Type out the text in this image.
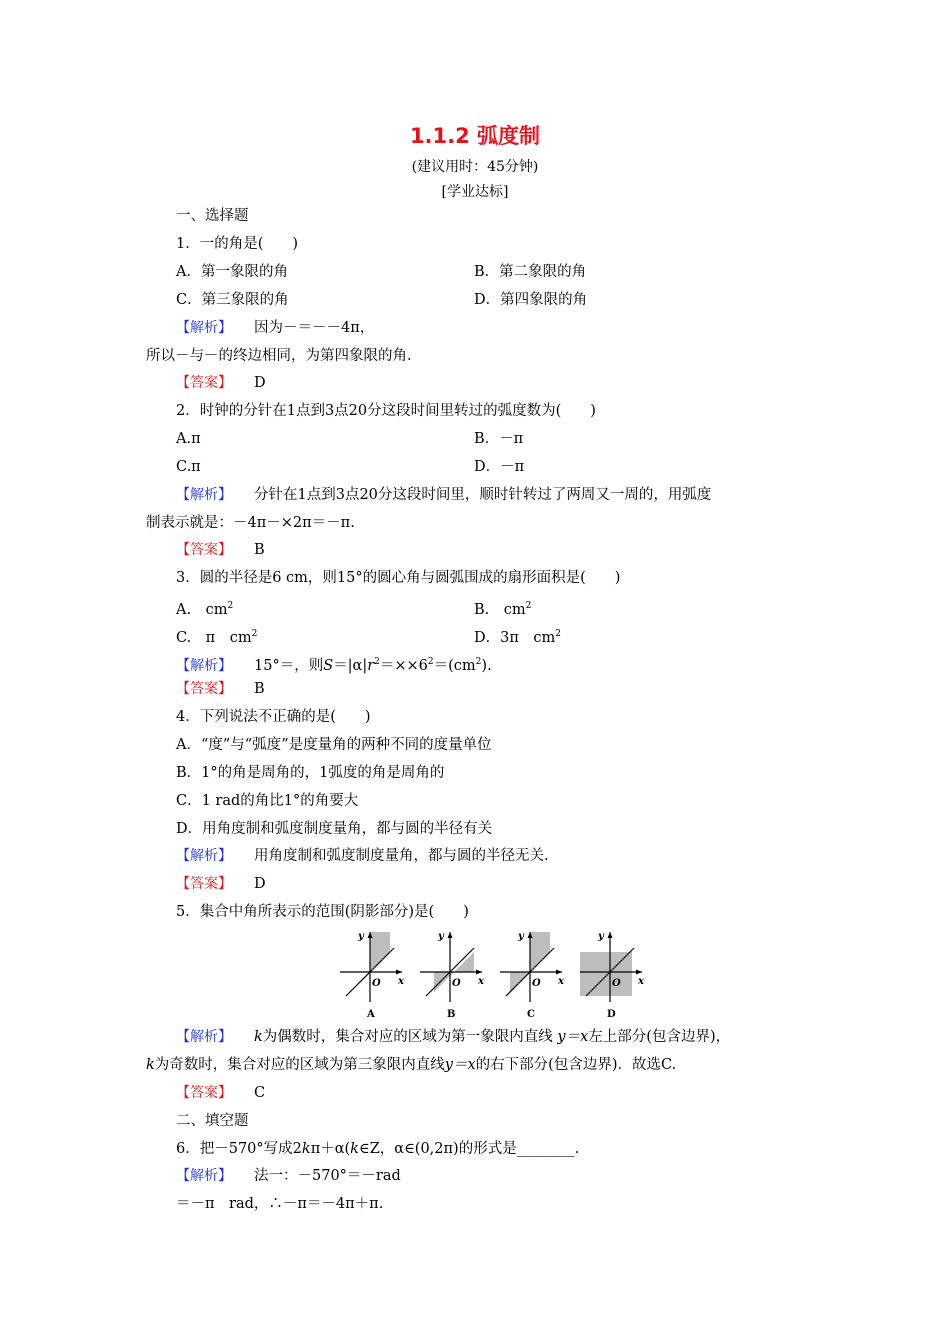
1.1.2 弧度制
(建议用时：45分钟)
[学业达标]
一、选择题
1．一的角是(　　)
A．第一象限的角	B．第二象限的角
C．第三象限的角	D．第四象限的角
【解析】 因为－＝－－4π，
所以－与－的终边相同，为第四象限的角.
【答案】 D
2．时钟的分针在1点到3点20分这段时间里转过的弧度数为(　　)
A.π	B．－π
C.π	D．－π
【解析】 分针在1点到3点20分这段时间里，顺时针转过了两周又一周的，用弧度
制表示就是：－4π－×2π＝－π.
【答案】 B
3．圆的半径是6 cm，则15°的圆心角与圆弧围成的扇形面积是(　　)
A.　$cm^2$	B.　$cm^2$
C.　π　$cm^2$	D．3π　$cm^2$
【解析】 15°＝，则$S=|\alpha|r^2=\times\times 6^2=(cm^2)$.
【答案】 B
4．下列说法不正确的是(　　)
A．“度”与“弧度”是度量角的两种不同的度量单位
B．1°的角是周角的，1弧度的角是周角的
C．1 rad的角比1°的角要大
D．用角度制和弧度制度量角，都与圆的半径有关
【解析】 用角度制和弧度制度量角，都与圆的半径无关.
【答案】 D
5．集合中角所表示的范围(阴影部分)是(　　)
y
x
O
A
y
x
O
B
y
x
O
C
y
x
O
D
【解析】 k为偶数时，集合对应的区域为第一象限内直线 y＝x左上部分(包含边界)，
k为奇数时，集合对应的区域为第三象限内直线y＝x的右下部分(包含边界)．故选C.
【答案】 C
二、填空题
6．把－570°写成2kπ＋α(k∈Z，α∈(0,2π)的形式是________.
【解析】 法一：－570°＝－rad
＝－π　rad，∴－π＝－4π＋π.
